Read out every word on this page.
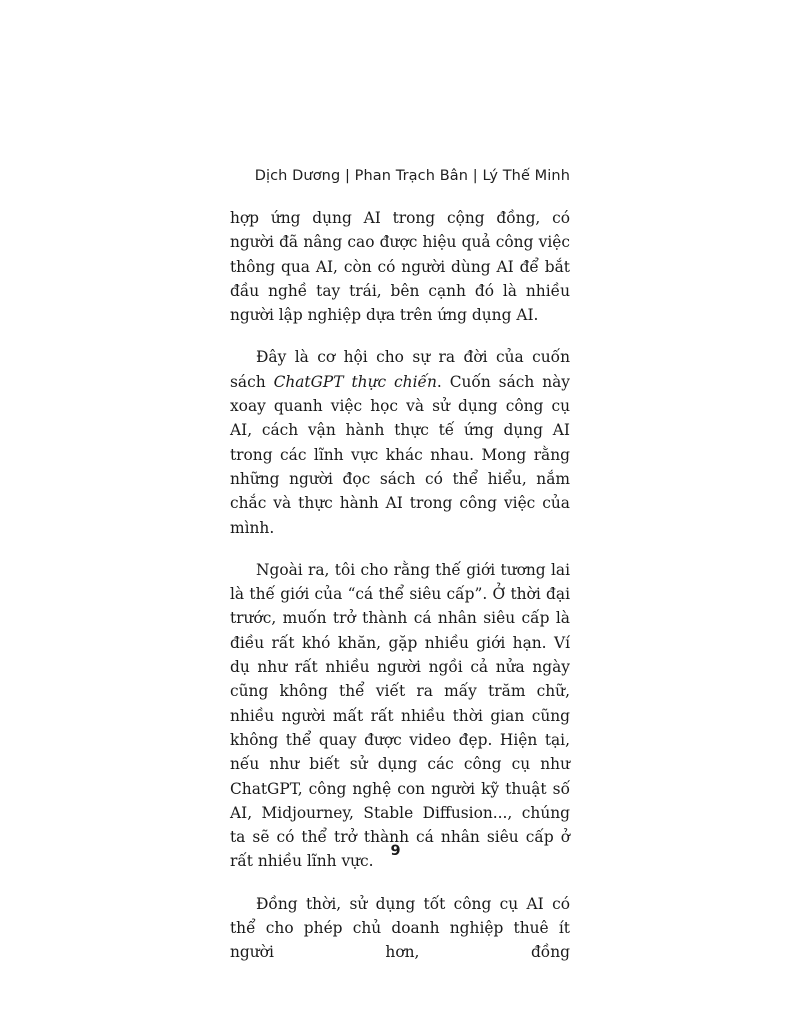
Dịch Dương | Phan Trạch Bân | Lý Thế Minh

hợp ứng dụng AI trong cộng đồng, có người đã nâng cao được hiệu quả công việc thông qua AI, còn có người dùng AI để bắt đầu nghề tay trái, bên cạnh đó là nhiều người lập nghiệp dựa trên ứng dụng AI.

Đây là cơ hội cho sự ra đời của cuốn sách ChatGPT thực chiến. Cuốn sách này xoay quanh việc học và sử dụng công cụ AI, cách vận hành thực tế ứng dụng AI trong các lĩnh vực khác nhau. Mong rằng những người đọc sách có thể hiểu, nắm chắc và thực hành AI trong công việc của mình.

Ngoài ra, tôi cho rằng thế giới tương lai là thế giới của “cá thể siêu cấp”. Ở thời đại trước, muốn trở thành cá nhân siêu cấp là điều rất khó khăn, gặp nhiều giới hạn. Ví dụ như rất nhiều người ngồi cả nửa ngày cũng không thể viết ra mấy trăm chữ, nhiều người mất rất nhiều thời gian cũng không thể quay được video đẹp. Hiện tại, nếu như biết sử dụng các công cụ như ChatGPT, công nghệ con người kỹ thuật số AI, Midjourney, Stable Diffusion..., chúng ta sẽ có thể trở thành cá nhân siêu cấp ở rất nhiều lĩnh vực.

Đồng thời, sử dụng tốt công cụ AI có thể cho phép chủ doanh nghiệp thuê ít người hơn, đồng

9
